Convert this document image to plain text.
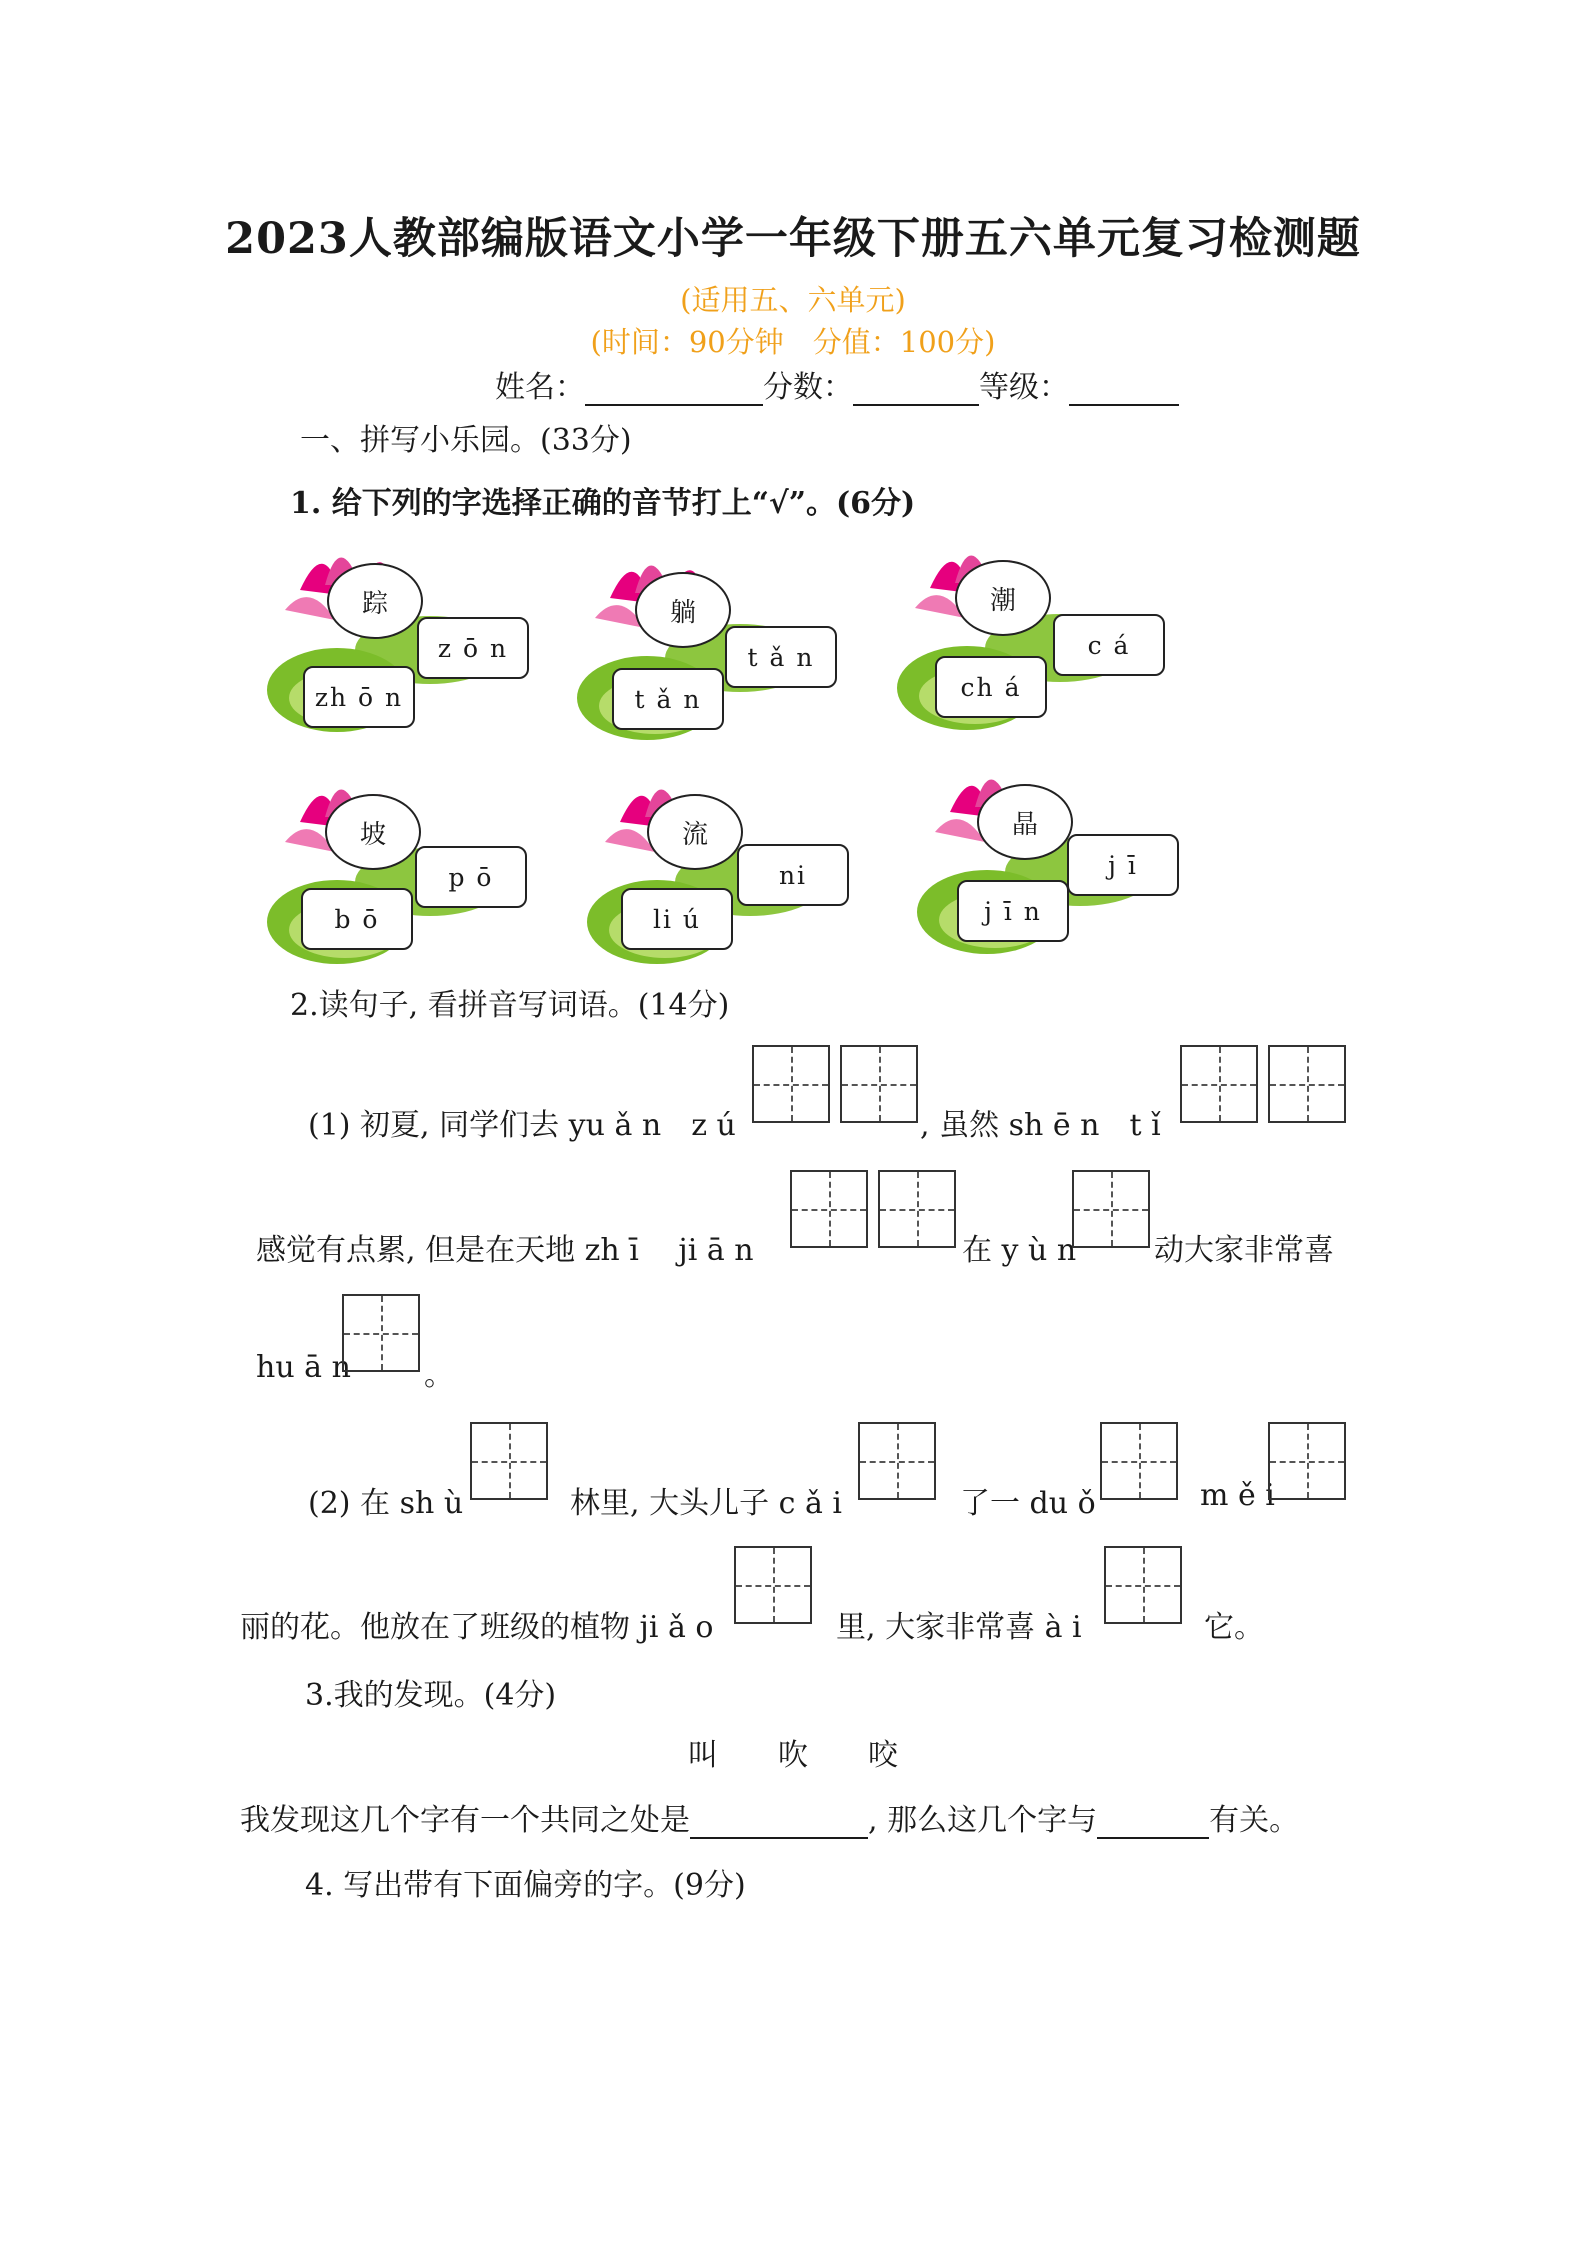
2023人教部编版语文小学一年级下册五六单元复习检测题
(适用五、六单元)
(时间：90分钟　分值：100分)
姓名：	分数：	等级：
一、拼写小乐园。(33分)
1. 给下列的字选择正确的音节打上“√”。(6分)
踪
z ō n
zh ō n
躺
t ǎ n
t ǎ n
潮
c á
ch á
坡
p ō
b ō
流
ni
li ú
晶
j ī
j ī n
2.读句子, 看拼音写词语。(14分)
(1) 初夏, 同学们去 yu ǎ n　z ú	, 虽然 sh ē n　t ǐ
感觉有点累, 但是在天地 zh ī　 ji ā n	在 y ù n	动大家非常喜
hu ā n 。
(2) 在 sh ù	林里, 大头儿子 c ǎ i	了一 du ǒ	m ě i
丽的花。他放在了班级的植物 ji ǎ o	里, 大家非常喜 à i	它。
3.我的发现。(4分)
叫　　吹　　咬
我发现这几个字有一个共同之处是	, 那么这几个字与	有关。
4. 写出带有下面偏旁的字。(9分)
